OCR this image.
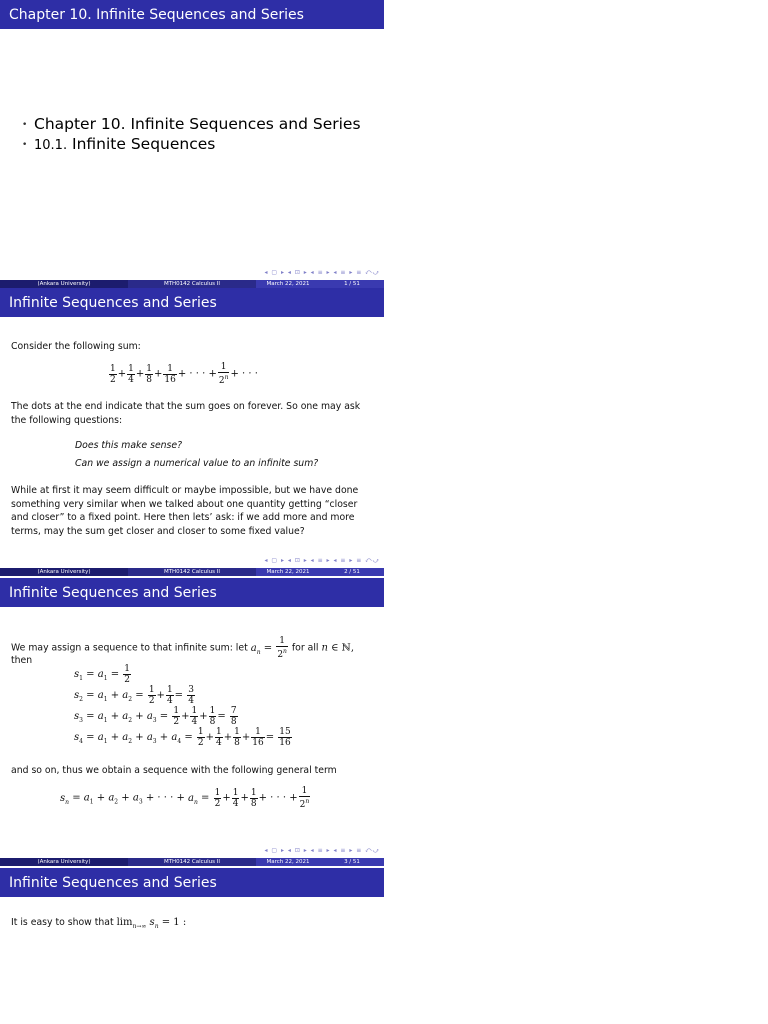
Chapter 10. Infinite Sequences and Series
• Chapter 10. Infinite Sequences and Series
• 10.1. Infinite Sequences
◂ ▢ ▸ ◂ ⊡ ▸ ◂ ≡ ▸ ◂ ≡ ▸ ≡ ⤺⤻
(Ankara University)	MTH0142 Calculus II	March 22, 2021	1 / 51
Infinite Sequences and Series
Consider the following sum:
$\frac{1}{2} + \frac{1}{4} + \frac{1}{8} + \frac{1}{16}$ + · · · + $\frac{1}{2^n}$ + · · ·
The dots at the end indicate that the sum goes on forever. So one may ask the following questions:
Does this make sense?
Can we assign a numerical value to an infinite sum?
While at first it may seem difficult or maybe impossible, but we have done something very similar when we talked about one quantity getting “closer and closer” to a fixed point. Here then lets’ ask: if we add more and more terms, may the sum get closer and closer to some fixed value?
◂ ▢ ▸ ◂ ⊡ ▸ ◂ ≡ ▸ ◂ ≡ ▸ ≡ ⤺⤻
(Ankara University)	MTH0142 Calculus II	March 22, 2021	2 / 51
Infinite Sequences and Series
We may assign a sequence to that infinite sum: let $a_n = \frac{1}{2^n}$ for all n ∈ ℕ,
then
$s_1 = a_1 = \frac{1}{2}$
$s_2 = a_1 + a_2 = \frac{1}{2} + \frac{1}{4} = \frac{3}{4}$
$s_3 = a_1 + a_2 + a_3 = \frac{1}{2} + \frac{1}{4} + \frac{1}{8} = \frac{7}{8}$
$s_4 = a_1 + a_2 + a_3 + a_4 = \frac{1}{2} + \frac{1}{4} + \frac{1}{8} + \frac{1}{16} = \frac{15}{16}$
and so on, thus we obtain a sequence with the following general term
$s_n = a_1 + a_2 + a_3$ + · · · + $a_n = \frac{1}{2} + \frac{1}{4} + \frac{1}{8}$ + · · · + $\frac{1}{2^n}$
◂ ▢ ▸ ◂ ⊡ ▸ ◂ ≡ ▸ ◂ ≡ ▸ ≡ ⤺⤻
(Ankara University)	MTH0142 Calculus II	March 22, 2021	3 / 51
Infinite Sequences and Series
It is easy to show that $\lim_{n\to\infty} s_n = 1$ :
